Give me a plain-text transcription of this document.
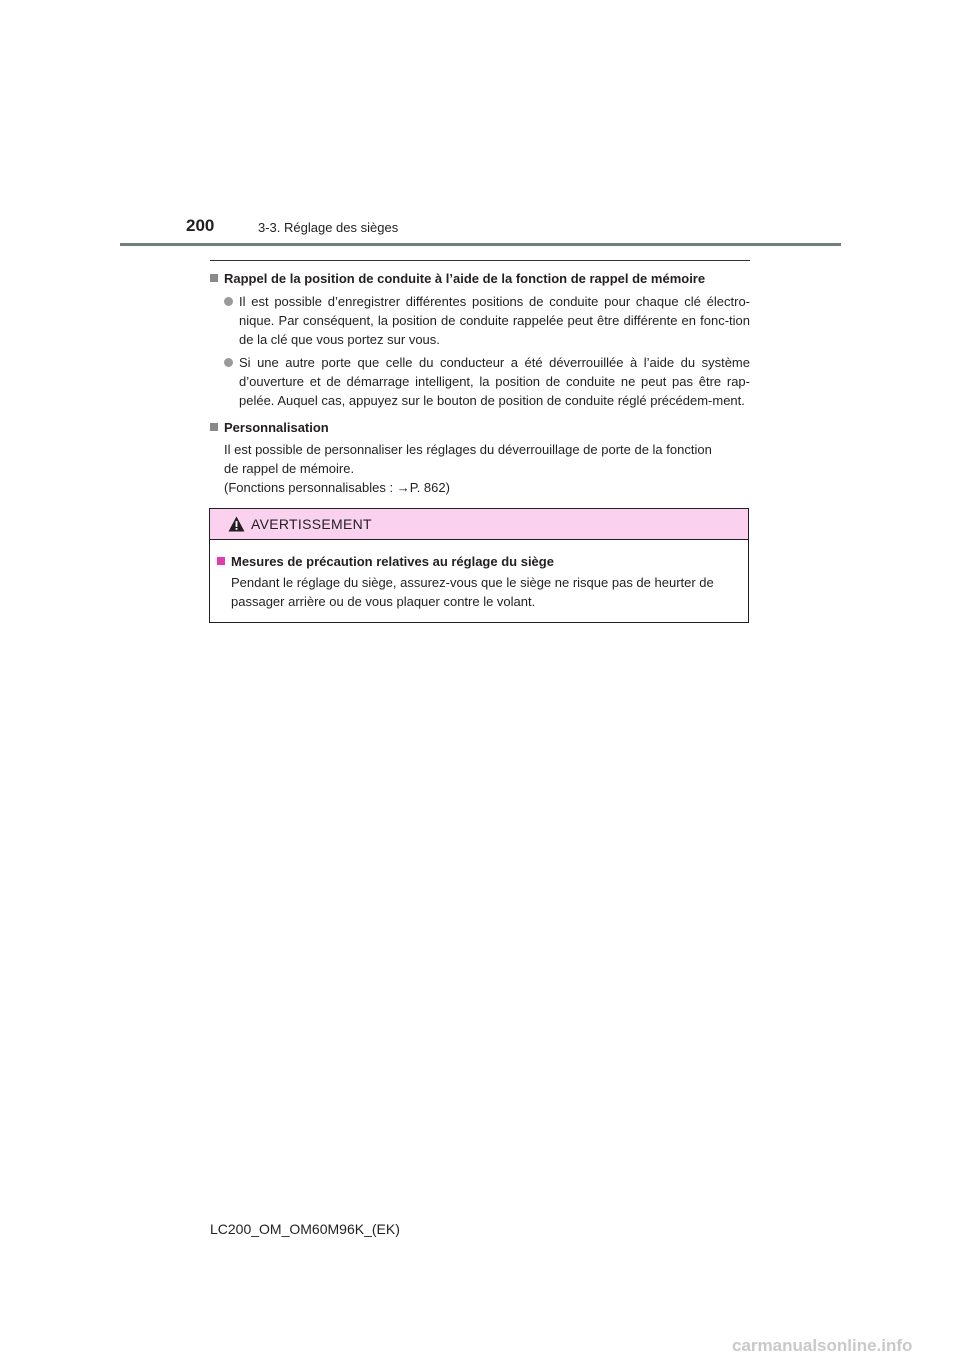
200	3-3. Réglage des sièges
Rappel de la position de conduite à l’aide de la fonction de rappel de mémoire
Il est possible d’enregistrer différentes positions de conduite pour chaque clé électro-nique. Par conséquent, la position de conduite rappelée peut être différente en fonc-tion de la clé que vous portez sur vous.
Si une autre porte que celle du conducteur a été déverrouillée à l’aide du système d’ouverture et de démarrage intelligent, la position de conduite ne peut pas être rap-pelée. Auquel cas, appuyez sur le bouton de position de conduite réglé précédem-ment.
Personnalisation
Il est possible de personnaliser les réglages du déverrouillage de porte de la fonction
de rappel de mémoire.
(Fonctions personnalisables : →P. 862)
AVERTISSEMENT
Mesures de précaution relatives au réglage du siège
Pendant le réglage du siège, assurez-vous que le siège ne risque pas de heurter de passager arrière ou de vous plaquer contre le volant.
LC200_OM_OM60M96K_(EK)
carmanualsonline.info
